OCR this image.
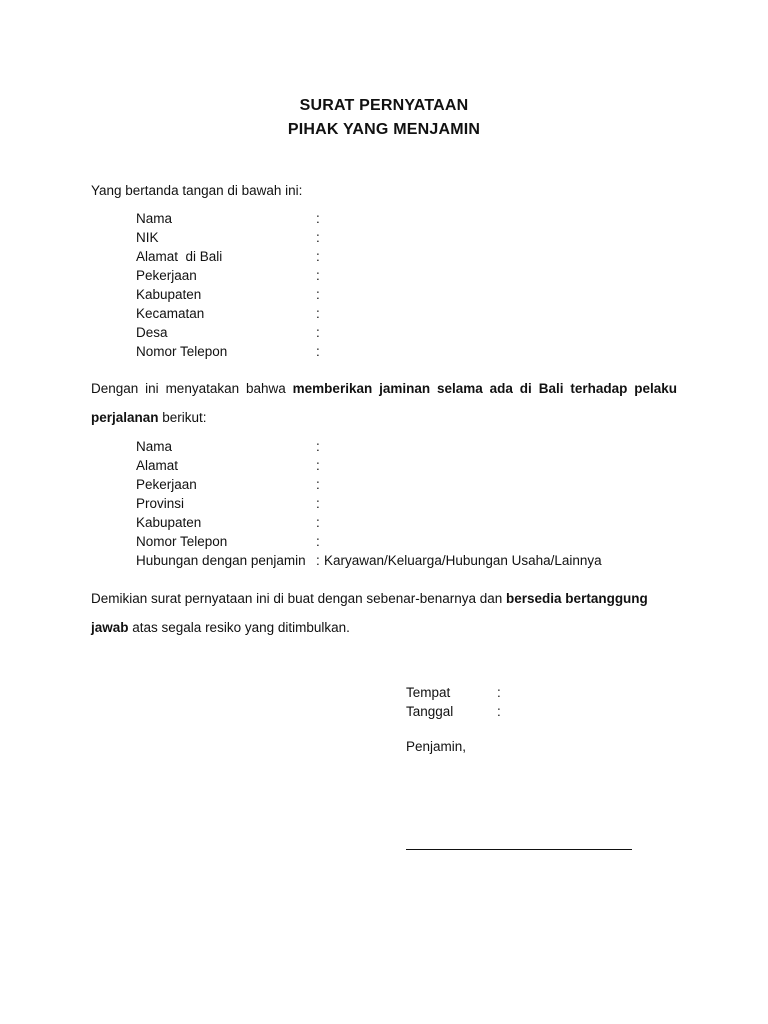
SURAT PERNYATAAN
PIHAK YANG MENJAMIN
Yang bertanda tangan di bawah ini:
Nama	:
NIK	:
Alamat  di Bali	:
Pekerjaan	:
Kabupaten	:
Kecamatan	:
Desa	:
Nomor Telepon	:
Dengan ini menyatakan bahwa memberikan jaminan selama ada di Bali terhadap pelaku
perjalanan berikut:
Nama	:
Alamat	:
Pekerjaan	:
Provinsi	:
Kabupaten	:
Nomor Telepon	:
Hubungan dengan penjamin : Karyawan/Keluarga/Hubungan Usaha/Lainnya
Demikian surat pernyataan ini di buat dengan sebenar-benarnya dan bersedia bertanggung
jawab atas segala resiko yang ditimbulkan.
Tempat	:
Tanggal	:
Penjamin,
